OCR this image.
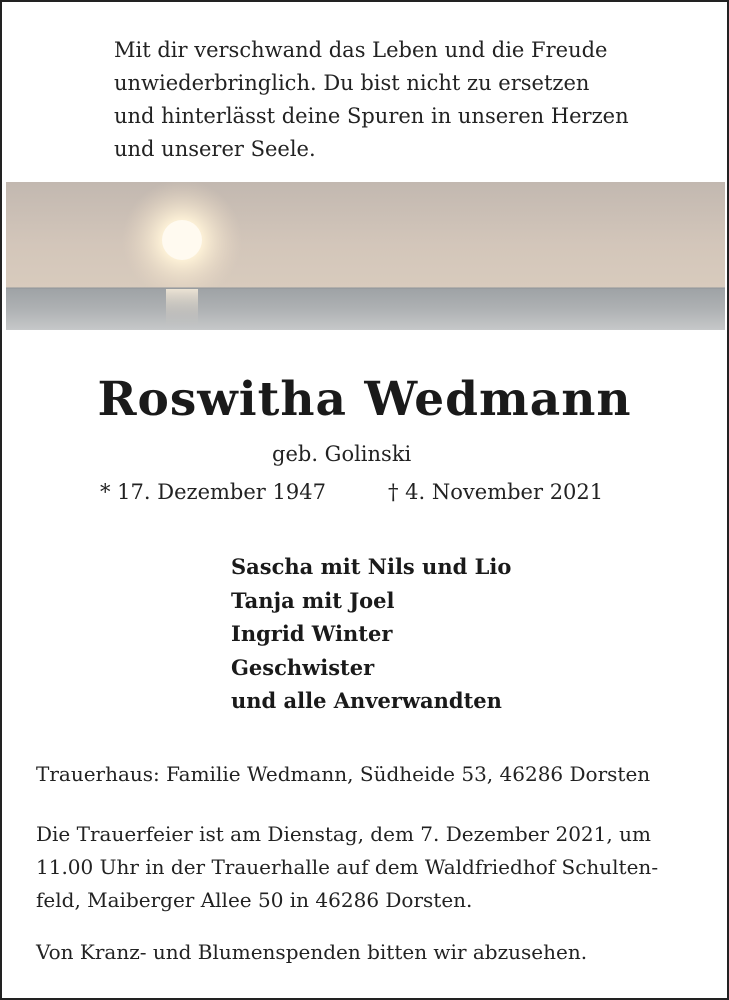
Mit dir verschwand das Leben und die Freude
unwiederbringlich. Du bist nicht zu ersetzen
und hinterlässt deine Spuren in unseren Herzen
und unserer Seele.
Roswitha Wedmann
geb. Golinski
* 17. Dezember 1947	† 4. November 2021
Sascha mit Nils und Lio
Tanja mit Joel
Ingrid Winter
Geschwister
und alle Anverwandten
Trauerhaus: Familie Wedmann, Südheide 53, 46286 Dorsten
Die Trauerfeier ist am Dienstag, dem 7. Dezember 2021, um
11.00 Uhr in der Trauerhalle auf dem Waldfriedhof Schulten-
feld, Maiberger Allee 50 in 46286 Dorsten.
Von Kranz- und Blumenspenden bitten wir abzusehen.
